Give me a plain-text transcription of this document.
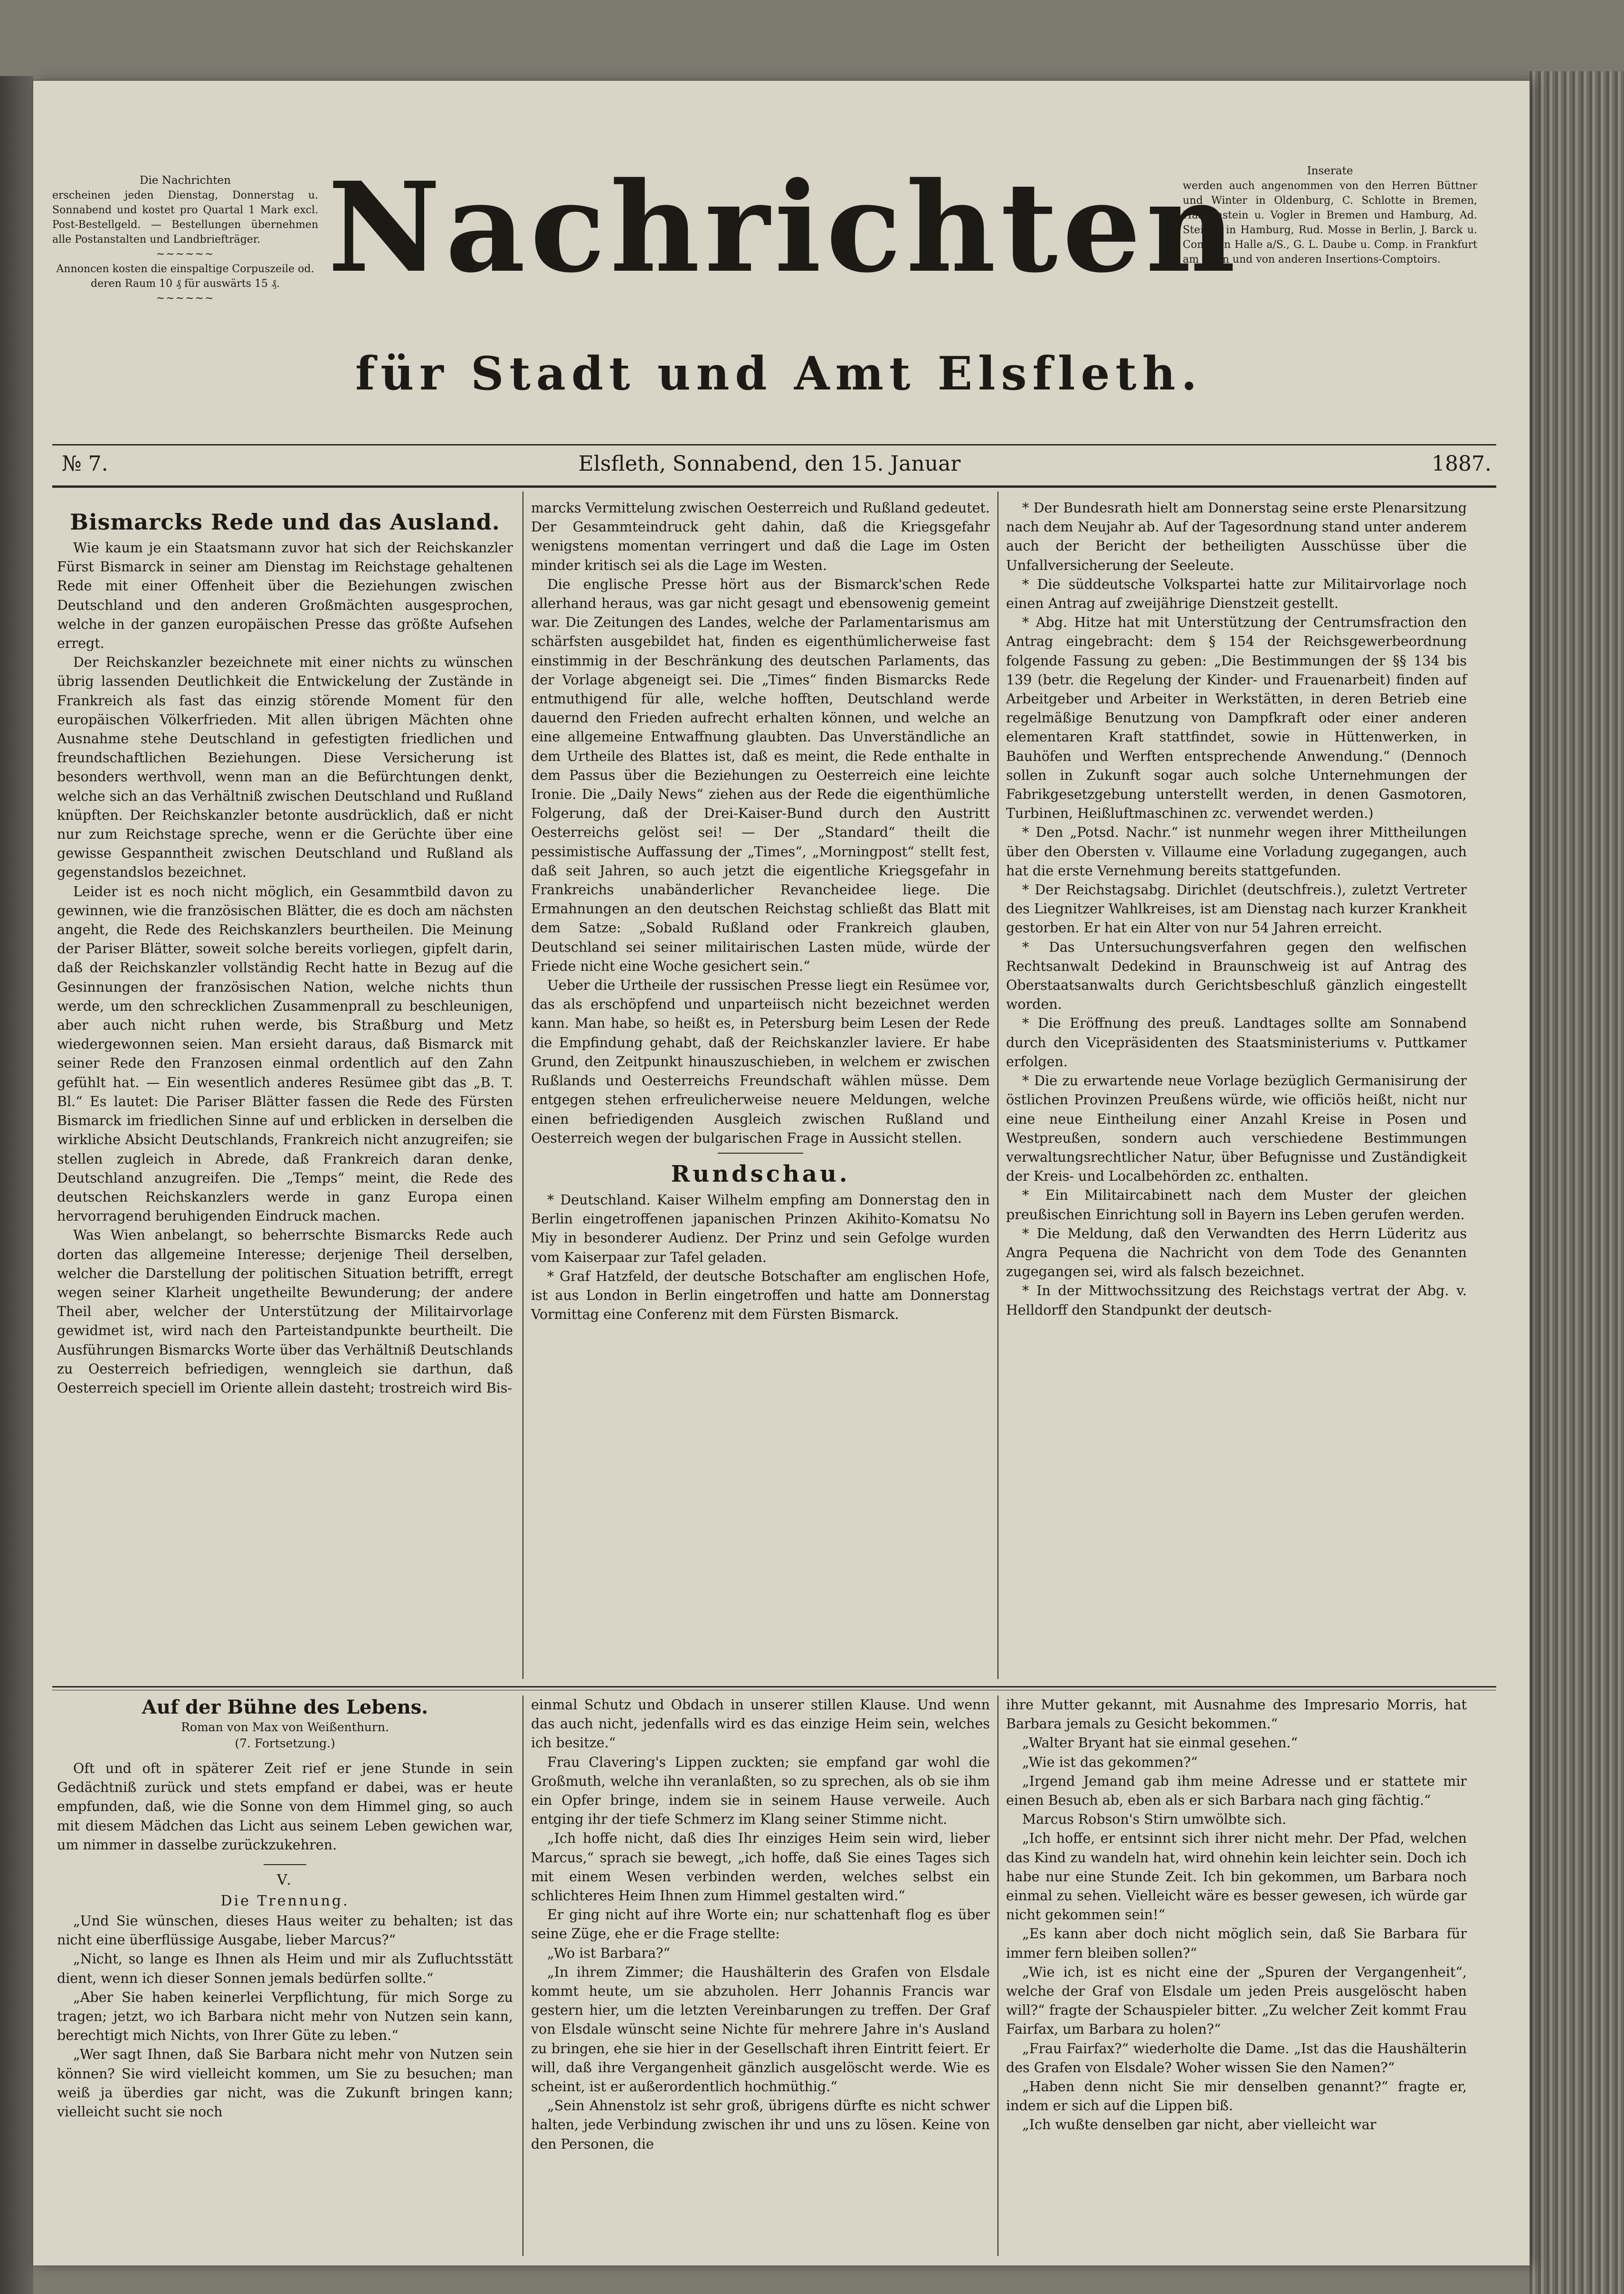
Die Nachrichten
erscheinen jeden Dienstag, Donnerstag u. Sonnabend und kostet pro Quartal 1 Mark excl. Post-Bestellgeld. — Bestellungen übernehmen alle Postanstalten und Landbriefträger.
~~~~~~
Annoncen kosten die einspaltige Corpuszeile od. deren Raum 10 ₰ für auswärts 15 ₰.
~~~~~~ Nachrichten
für Stadt und Amt Elsfleth.
Inserate
werden auch angenommen von den Herren Büttner und Winter in Oldenburg, C. Schlotte in Bremen, Haasenstein u. Vogler in Bremen und Hamburg, Ad. Steiner in Hamburg, Rud. Mosse in Berlin, J. Barck u. Comp. in Halle a/S., G. L. Daube u. Comp. in Frankfurt am Main und von anderen Insertions-Comptoirs.
№ 7.	Elsfleth, Sonnabend, den 15. Januar	1887.
Bismarcks Rede und das Ausland.

Wie kaum je ein Staatsmann zuvor hat sich der Reichskanzler Fürst Bismarck in seiner am Dienstag im Reichstage gehaltenen Rede mit einer Offenheit über die Beziehungen zwischen Deutschland und den anderen Großmächten ausgesprochen, welche in der ganzen europäischen Presse das größte Aufsehen erregt.

Der Reichskanzler bezeichnete mit einer nichts zu wünschen übrig lassenden Deutlichkeit die Entwickelung der Zustände in Frankreich als fast das einzig störende Moment für den europäischen Völkerfrieden. Mit allen übrigen Mächten ohne Ausnahme stehe Deutschland in gefestigten friedlichen und freundschaftlichen Beziehungen. Diese Versicherung ist besonders werthvoll, wenn man an die Befürchtungen denkt, welche sich an das Verhältniß zwischen Deutschland und Rußland knüpften. Der Reichskanzler betonte ausdrücklich, daß er nicht nur zum Reichstage spreche, wenn er die Gerüchte über eine gewisse Gespanntheit zwischen Deutschland und Rußland als gegenstandslos bezeichnet.

Leider ist es noch nicht möglich, ein Gesammtbild davon zu gewinnen, wie die französischen Blätter, die es doch am nächsten angeht, die Rede des Reichskanzlers beurtheilen. Die Meinung der Pariser Blätter, soweit solche bereits vorliegen, gipfelt darin, daß der Reichskanzler vollständig Recht hatte in Bezug auf die Gesinnungen der französischen Nation, welche nichts thun werde, um den schrecklichen Zusammenprall zu beschleunigen, aber auch nicht ruhen werde, bis Straßburg und Metz wiedergewonnen seien. Man ersieht daraus, daß Bismarck mit seiner Rede den Franzosen einmal ordentlich auf den Zahn gefühlt hat. — Ein wesentlich anderes Resümee gibt das „B. T. Bl.“ Es lautet: Die Pariser Blätter fassen die Rede des Fürsten Bismarck im friedlichen Sinne auf und erblicken in derselben die wirkliche Absicht Deutschlands, Frankreich nicht anzugreifen; sie stellen zugleich in Abrede, daß Frankreich daran denke, Deutschland anzugreifen. Die „Temps“ meint, die Rede des deutschen Reichskanzlers werde in ganz Europa einen hervorragend beruhigenden Eindruck machen.

Was Wien anbelangt, so beherrschte Bismarcks Rede auch dorten das allgemeine Interesse; derjenige Theil derselben, welcher die Darstellung der politischen Situation betrifft, erregt wegen seiner Klarheit ungetheilte Bewunderung; der andere Theil aber, welcher der Unterstützung der Militairvorlage gewidmet ist, wird nach den Parteistandpunkte beurtheilt. Die Ausführungen Bismarcks Worte über das Verhältniß Deutschlands zu Oesterreich befriedigen, wenngleich sie darthun, daß Oesterreich speciell im Oriente allein dasteht; trostreich wird Bis-

marcks Vermittelung zwischen Oesterreich und Rußland gedeutet. Der Gesammteindruck geht dahin, daß die Kriegsgefahr wenigstens momentan verringert und daß die Lage im Osten minder kritisch sei als die Lage im Westen.

Die englische Presse hört aus der Bismarck'schen Rede allerhand heraus, was gar nicht gesagt und ebensowenig gemeint war. Die Zeitungen des Landes, welche der Parlamentarismus am schärfsten ausgebildet hat, finden es eigenthümlicherweise fast einstimmig in der Beschränkung des deutschen Parlaments, das der Vorlage abgeneigt sei. Die „Times“ finden Bismarcks Rede entmuthigend für alle, welche hofften, Deutschland werde dauernd den Frieden aufrecht erhalten können, und welche an eine allgemeine Entwaffnung glaubten. Das Unverständliche an dem Urtheile des Blattes ist, daß es meint, die Rede enthalte in dem Passus über die Beziehungen zu Oesterreich eine leichte Ironie. Die „Daily News“ ziehen aus der Rede die eigenthümliche Folgerung, daß der Drei-Kaiser-Bund durch den Austritt Oesterreichs gelöst sei! — Der „Standard“ theilt die pessimistische Auffassung der „Times“, „Morningpost“ stellt fest, daß seit Jahren, so auch jetzt die eigentliche Kriegsgefahr in Frankreichs unabänderlicher Revancheidee liege. Die Ermahnungen an den deutschen Reichstag schließt das Blatt mit dem Satze: „Sobald Rußland oder Frankreich glauben, Deutschland sei seiner militairischen Lasten müde, würde der Friede nicht eine Woche gesichert sein.“

Ueber die Urtheile der russischen Presse liegt ein Resümee vor, das als erschöpfend und unparteiisch nicht bezeichnet werden kann. Man habe, so heißt es, in Petersburg beim Lesen der Rede die Empfindung gehabt, daß der Reichskanzler laviere. Er habe Grund, den Zeitpunkt hinauszuschieben, in welchem er zwischen Rußlands und Oesterreichs Freundschaft wählen müsse. Dem entgegen stehen erfreulicherweise neuere Meldungen, welche einen befriedigenden Ausgleich zwischen Rußland und Oesterreich wegen der bulgarischen Frage in Aussicht stellen.

Rundschau.

* Deutschland. Kaiser Wilhelm empfing am Donnerstag den in Berlin eingetroffenen japanischen Prinzen Akihito-Komatsu No Miy in besonderer Audienz. Der Prinz und sein Gefolge wurden vom Kaiserpaar zur Tafel geladen.

* Graf Hatzfeld, der deutsche Botschafter am englischen Hofe, ist aus London in Berlin eingetroffen und hatte am Donnerstag Vormittag eine Conferenz mit dem Fürsten Bismarck.

* Der Bundesrath hielt am Donnerstag seine erste Plenarsitzung nach dem Neujahr ab. Auf der Tagesordnung stand unter anderem auch der Bericht der betheiligten Ausschüsse über die Unfallversicherung der Seeleute.

* Die süddeutsche Volkspartei hatte zur Militairvorlage noch einen Antrag auf zweijährige Dienstzeit gestellt.

* Abg. Hitze hat mit Unterstützung der Centrumsfraction den Antrag eingebracht: dem § 154 der Reichsgewerbeordnung folgende Fassung zu geben: „Die Bestimmungen der §§ 134 bis 139 (betr. die Regelung der Kinder- und Frauenarbeit) finden auf Arbeitgeber und Arbeiter in Werkstätten, in deren Betrieb eine regelmäßige Benutzung von Dampfkraft oder einer anderen elementaren Kraft stattfindet, sowie in Hüttenwerken, in Bauhöfen und Werften entsprechende Anwendung.“ (Dennoch sollen in Zukunft sogar auch solche Unternehmungen der Fabrikgesetzgebung unterstellt werden, in denen Gasmotoren, Turbinen, Heißluftmaschinen zc. verwendet werden.)

* Den „Potsd. Nachr.“ ist nunmehr wegen ihrer Mittheilungen über den Obersten v. Villaume eine Vorladung zugegangen, auch hat die erste Vernehmung bereits stattgefunden.

* Der Reichstagsabg. Dirichlet (deutschfreis.), zuletzt Vertreter des Liegnitzer Wahlkreises, ist am Dienstag nach kurzer Krankheit gestorben. Er hat ein Alter von nur 54 Jahren erreicht.

* Das Untersuchungsverfahren gegen den welfischen Rechtsanwalt Dedekind in Braunschweig ist auf Antrag des Oberstaatsanwalts durch Gerichtsbeschluß gänzlich eingestellt worden.

* Die Eröffnung des preuß. Landtages sollte am Sonnabend durch den Vicepräsidenten des Staatsministeriums v. Puttkamer erfolgen.

* Die zu erwartende neue Vorlage bezüglich Germanisirung der östlichen Provinzen Preußens würde, wie officiös heißt, nicht nur eine neue Eintheilung einer Anzahl Kreise in Posen und Westpreußen, sondern auch verschiedene Bestimmungen verwaltungsrechtlicher Natur, über Befugnisse und Zuständigkeit der Kreis- und Localbehörden zc. enthalten.

* Ein Militaircabinett nach dem Muster der gleichen preußischen Einrichtung soll in Bayern ins Leben gerufen werden.

* Die Meldung, daß den Verwandten des Herrn Lüderitz aus Angra Pequena die Nachricht von dem Tode des Genannten zugegangen sei, wird als falsch bezeichnet.

* In der Mittwochssitzung des Reichstags vertrat der Abg. v. Helldorff den Standpunkt der deutsch-

Auf der Bühne des Lebens.
Roman von Max von Weißenthurn.
(7. Fortsetzung.)

Oft und oft in späterer Zeit rief er jene Stunde in sein Gedächtniß zurück und stets empfand er dabei, was er heute empfunden, daß, wie die Sonne von dem Himmel ging, so auch mit diesem Mädchen das Licht aus seinem Leben gewichen war, um nimmer in dasselbe zurückzukehren.

V.
Die Trennung.

„Und Sie wünschen, dieses Haus weiter zu behalten; ist das nicht eine überflüssige Ausgabe, lieber Marcus?“

„Nicht, so lange es Ihnen als Heim und mir als Zufluchtsstätt dient, wenn ich dieser Sonnen jemals bedürfen sollte.“

„Aber Sie haben keinerlei Verpflichtung, für mich Sorge zu tragen; jetzt, wo ich Barbara nicht mehr von Nutzen sein kann, berechtigt mich Nichts, von Ihrer Güte zu leben.“

„Wer sagt Ihnen, daß Sie Barbara nicht mehr von Nutzen sein können? Sie wird vielleicht kommen, um Sie zu besuchen; man weiß ja überdies gar nicht, was die Zukunft bringen kann; vielleicht sucht sie noch

einmal Schutz und Obdach in unserer stillen Klause. Und wenn das auch nicht, jedenfalls wird es das einzige Heim sein, welches ich besitze.“

Frau Clavering's Lippen zuckten; sie empfand gar wohl die Großmuth, welche ihn veranlaßten, so zu sprechen, als ob sie ihm ein Opfer bringe, indem sie in seinem Hause verweile. Auch entging ihr der tiefe Schmerz im Klang seiner Stimme nicht.

„Ich hoffe nicht, daß dies Ihr einziges Heim sein wird, lieber Marcus,“ sprach sie bewegt, „ich hoffe, daß Sie eines Tages sich mit einem Wesen verbinden werden, welches selbst ein schlichteres Heim Ihnen zum Himmel gestalten wird.“

Er ging nicht auf ihre Worte ein; nur schattenhaft flog es über seine Züge, ehe er die Frage stellte:

„Wo ist Barbara?“

„In ihrem Zimmer; die Haushälterin des Grafen von Elsdale kommt heute, um sie abzuholen. Herr Johannis Francis war gestern hier, um die letzten Vereinbarungen zu treffen. Der Graf von Elsdale wünscht seine Nichte für mehrere Jahre in's Ausland zu bringen, ehe sie hier in der Gesellschaft ihren Eintritt feiert. Er will, daß ihre Vergangenheit gänzlich ausgelöscht werde. Wie es scheint, ist er außerordentlich hochmüthig.“

„Sein Ahnenstolz ist sehr groß, übrigens dürfte es nicht schwer halten, jede Verbindung zwischen ihr und uns zu lösen. Keine von den Personen, die

ihre Mutter gekannt, mit Ausnahme des Impresario Morris, hat Barbara jemals zu Gesicht bekommen.“

„Walter Bryant hat sie einmal gesehen.“

„Wie ist das gekommen?“

„Irgend Jemand gab ihm meine Adresse und er stattete mir einen Besuch ab, eben als er sich Barbara nach ging fächtig.“

Marcus Robson's Stirn umwölbte sich.

„Ich hoffe, er entsinnt sich ihrer nicht mehr. Der Pfad, welchen das Kind zu wandeln hat, wird ohnehin kein leichter sein. Doch ich habe nur eine Stunde Zeit. Ich bin gekommen, um Barbara noch einmal zu sehen. Vielleicht wäre es besser gewesen, ich würde gar nicht gekommen sein!“

„Es kann aber doch nicht möglich sein, daß Sie Barbara für immer fern bleiben sollen?“

„Wie ich, ist es nicht eine der „Spuren der Vergangenheit“, welche der Graf von Elsdale um jeden Preis ausgelöscht haben will?“ fragte der Schauspieler bitter. „Zu welcher Zeit kommt Frau Fairfax, um Barbara zu holen?“

„Frau Fairfax?“ wiederholte die Dame. „Ist das die Haushälterin des Grafen von Elsdale? Woher wissen Sie den Namen?“

„Haben denn nicht Sie mir denselben genannt?“ fragte er, indem er sich auf die Lippen biß.

„Ich wußte denselben gar nicht, aber vielleicht war
